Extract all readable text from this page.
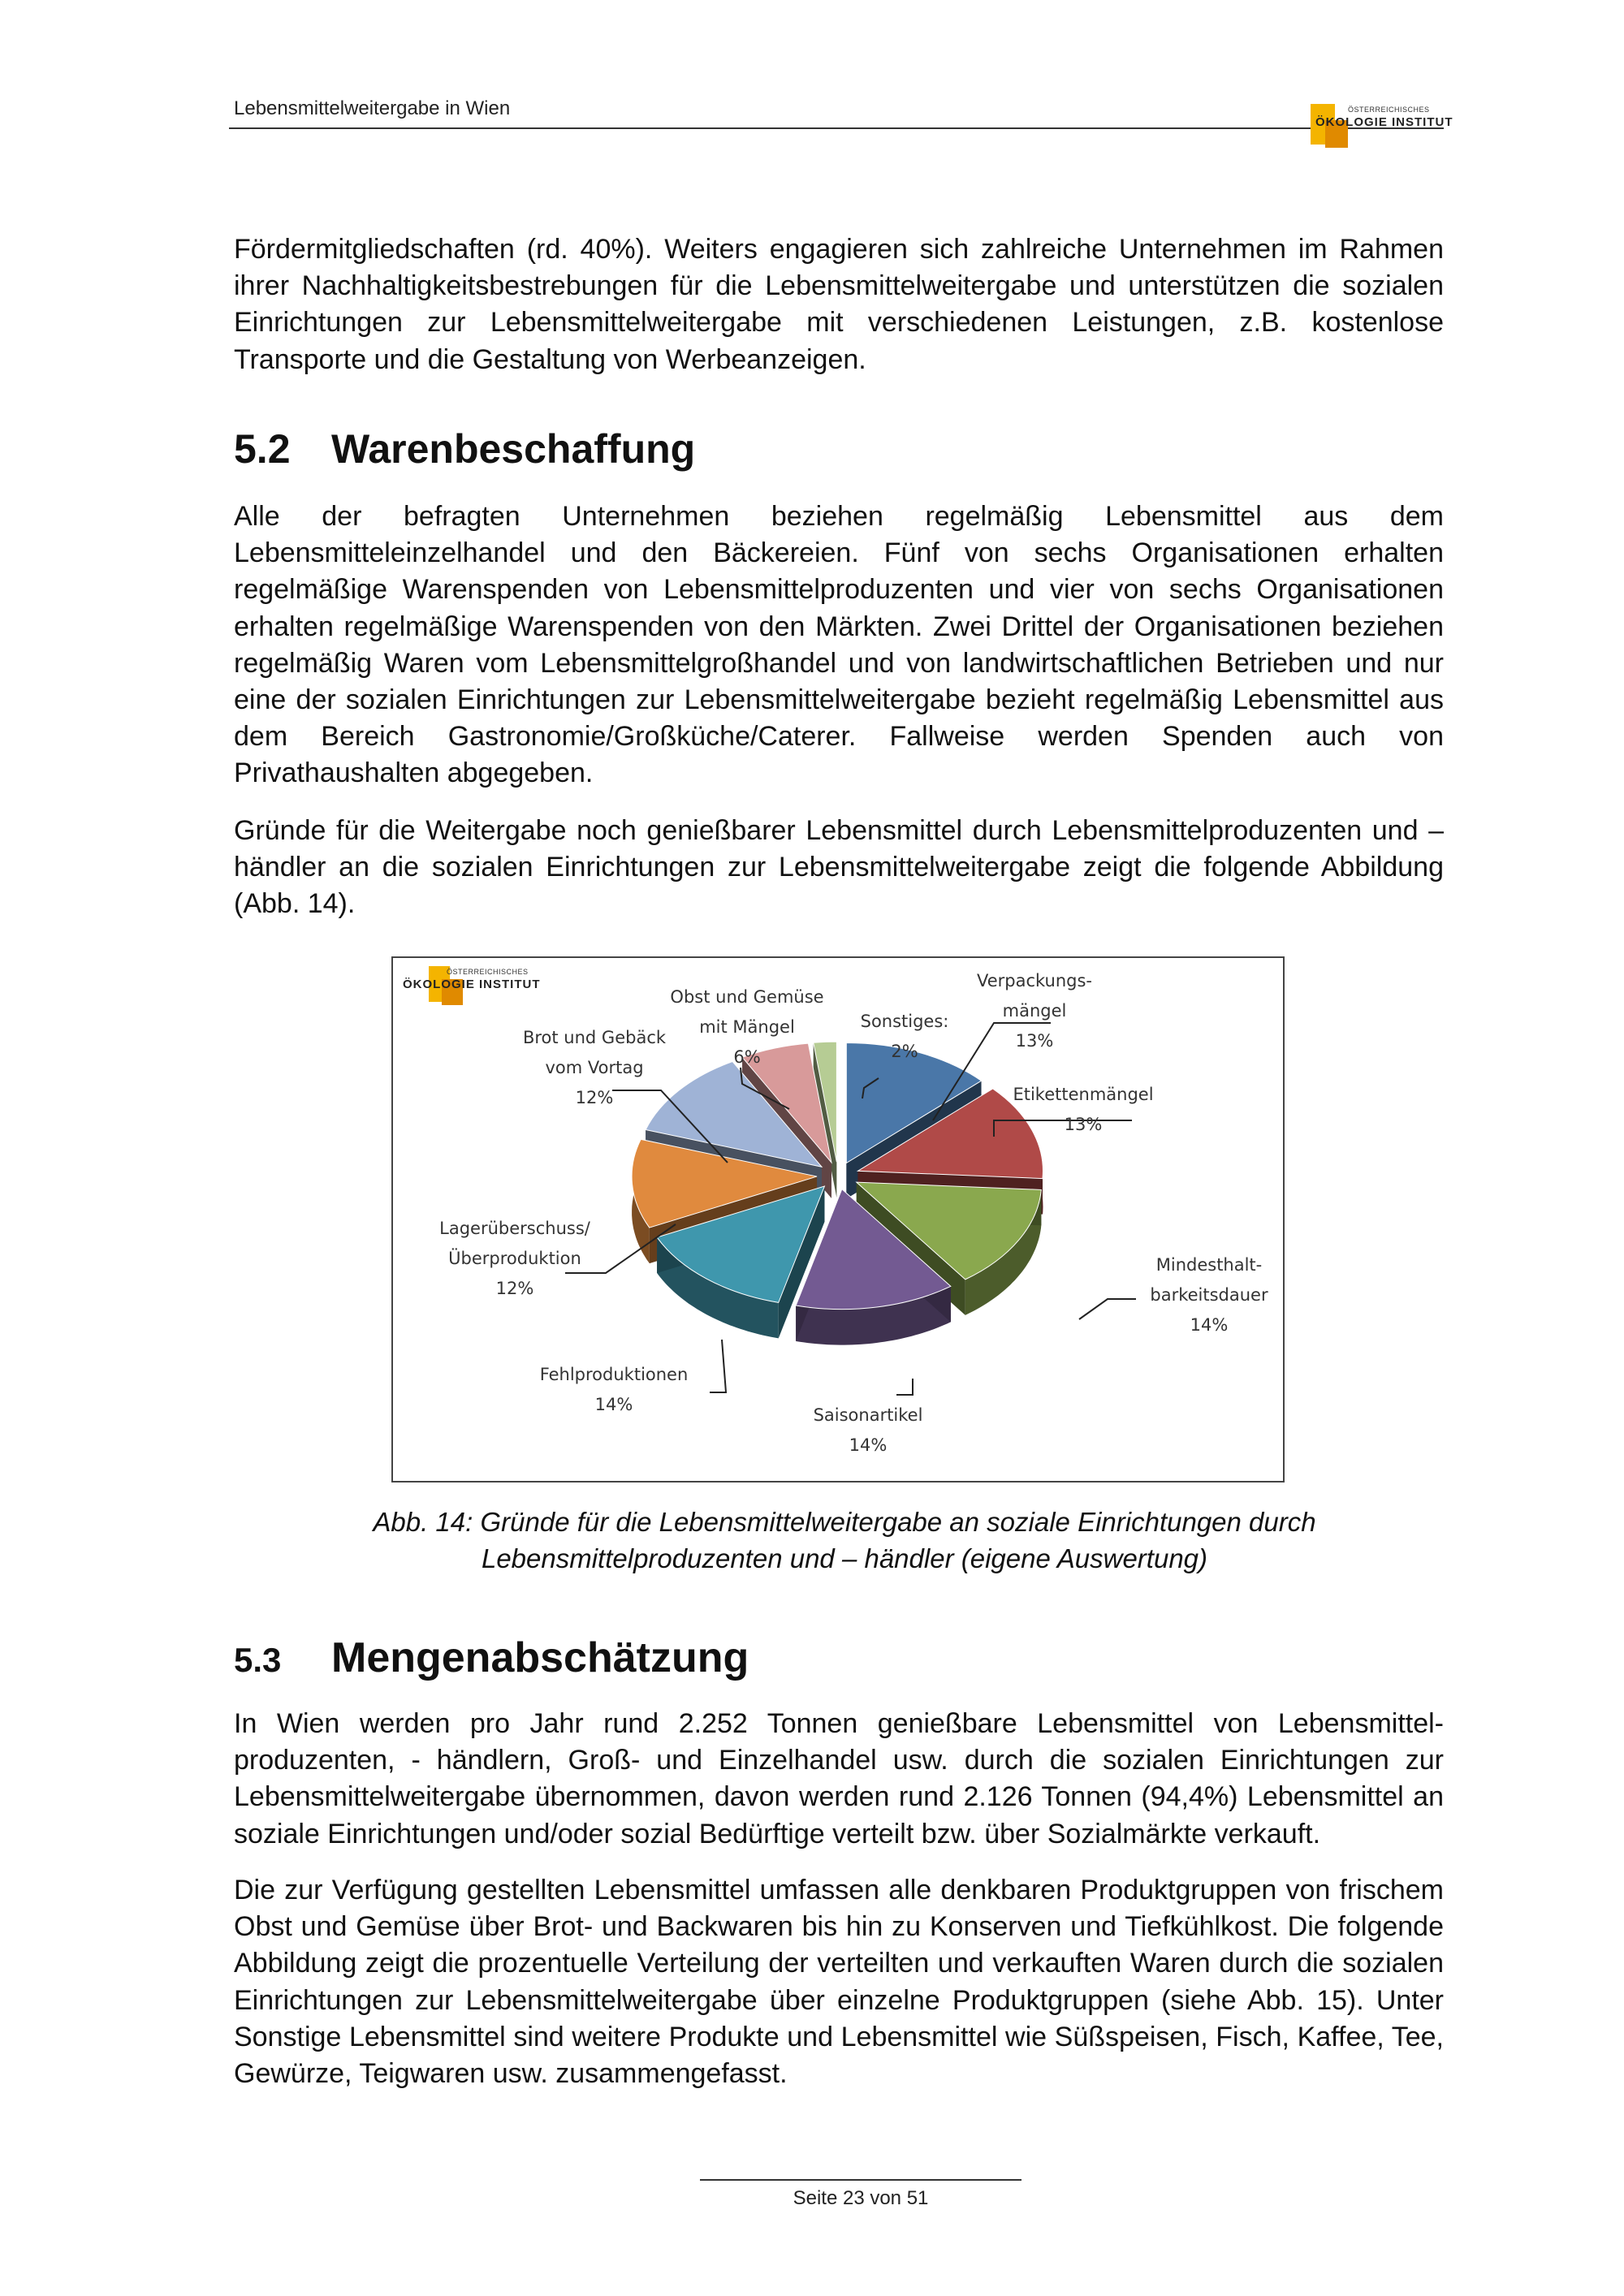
Lebensmittelweitergabe in Wien	ÖSTERREICHISCHES
ÖKOLOGIE INSTITUT

Fördermitgliedschaften (rd. 40%). Weiters engagieren sich zahlreiche Unternehmen im Rahmen ihrer Nachhaltigkeitsbestrebungen für die Lebensmittelweitergabe und unterstützen die sozialen Einrichtungen zur Lebensmittelweitergabe mit verschiedenen Leistungen, z.B. kostenlose Transporte und die Gestaltung von Werbeanzeigen.

5.2 Warenbeschaffung

Alle der befragten Unternehmen beziehen regelmäßig Lebensmittel aus dem Lebensmitteleinzelhandel und den Bäckereien. Fünf von sechs Organisationen erhalten regelmäßige Warenspenden von Lebensmittelproduzenten und vier von sechs Organisationen erhalten regelmäßige Warenspenden von den Märkten. Zwei Drittel der Organisationen beziehen regelmäßig Waren vom Lebensmittelgroßhandel und von landwirtschaftlichen Betrieben und nur eine der sozialen Einrichtungen zur Lebensmittelweitergabe bezieht regelmäßig Lebensmittel aus dem Bereich Gastronomie/Großküche/Caterer. Fallweise werden Spenden auch von Privathaushalten abgegeben.

Gründe für die Weitergabe noch genießbarer Lebensmittel durch Lebensmittelproduzenten und – händler an die sozialen Einrichtungen zur Lebensmittelweitergabe zeigt die folgende Abbildung (Abb. 14).

ÖSTERREICHISCHES
ÖKOLOGIE INSTITUT	Verpackungs-mängel 13%
Etikettenmängel 13%
Mindesthalt-barkeitsdauer 14%
Saisonartikel 14%
Fehlproduktionen 14%
Lagerüberschuss/ Überproduktion 12%
Brot und Gebäck vom Vortag 12%
Obst und Gemüse mit Mängel 6%
Sonstiges: 2%

Abb. 14: Gründe für die Lebensmittelweitergabe an soziale Einrichtungen durch
Lebensmittelproduzenten und – händler (eigene Auswertung)

5.3 Mengenabschätzung

In Wien werden pro Jahr rund 2.252 Tonnen genießbare Lebensmittel von Lebensmittel-produzenten, - händlern, Groß- und Einzelhandel usw. durch die sozialen Einrichtungen zur Lebensmittelweitergabe übernommen, davon werden rund 2.126 Tonnen (94,4%) Lebensmittel an soziale Einrichtungen und/oder sozial Bedürftige verteilt bzw. über Sozialmärkte verkauft.

Die zur Verfügung gestellten Lebensmittel umfassen alle denkbaren Produktgruppen von frischem Obst und Gemüse über Brot- und Backwaren bis hin zu Konserven und Tiefkühlkost. Die folgende Abbildung zeigt die prozentuelle Verteilung der verteilten und verkauften Waren durch die sozialen Einrichtungen zur Lebensmittelweitergabe über einzelne Produktgruppen (siehe Abb. 15). Unter Sonstige Lebensmittel sind weitere Produkte und Lebensmittel wie Süßspeisen, Fisch, Kaffee, Tee, Gewürze, Teigwaren usw. zusammengefasst.

Seite 23 von 51
